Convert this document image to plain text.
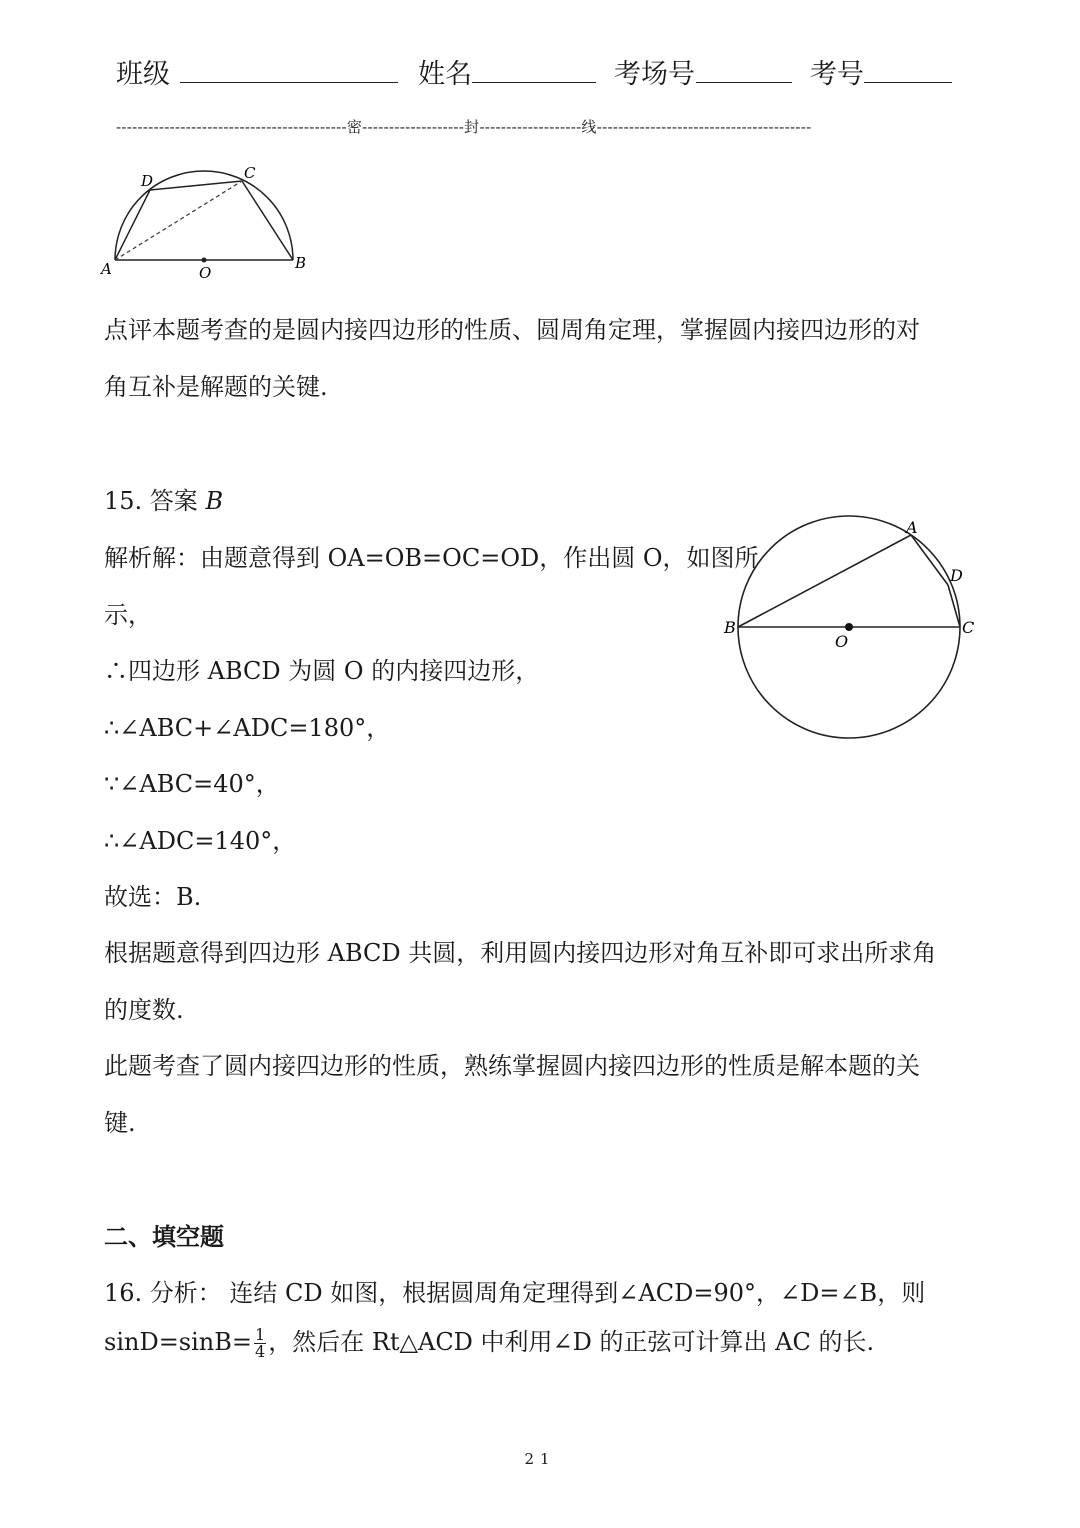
班级	姓名	考场号	考号
-------------------------------------------密-------------------封-------------------线----------------------------------------
A	B
C
D
O
点评本题考查的是圆内接四边形的性质、圆周角定理，掌握圆内接四边形的对
角互补是解题的关键.
15. 答案 B
解析解：由题意得到 OA=OB=OC=OD，作出圆 O，如图所
示，
∴四边形 ABCD 为圆 O 的内接四边形，
∴∠ABC+∠ADC=180°，
∵∠ABC=40°，
∴∠ADC=140°，
故选：B.
根据题意得到四边形 ABCD 共圆，利用圆内接四边形对角互补即可求出所求角
的度数.
此题考查了圆内接四边形的性质，熟练掌握圆内接四边形的性质是解本题的关
键.
A
B	C
D
O
二、填空题
16. 分析： 连结 CD 如图，根据圆周角定理得到∠ACD=90°，∠D=∠B，则
$\sin D=\sin B= \frac{1}{4}$ ，然后在 Rt△ACD 中利用∠D 的正弦可计算出 AC 的长.
21
